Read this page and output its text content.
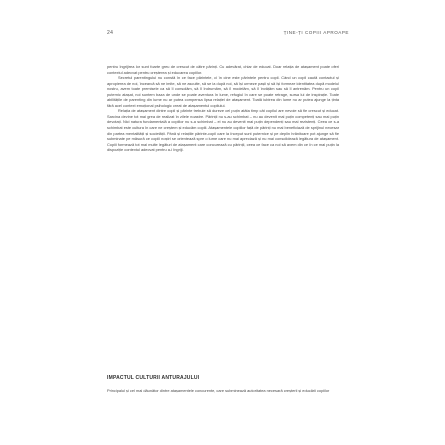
24	ȚINE-ȚI COPIII APROAPE

pentru îngrijirea lor sunt foarte greu de crescut de către părinți. Cu adevărat, chiar de educat. Doar relația de atașament poate oferi contextul adecvat pentru creșterea și educarea copiilor.

Secretul parentingului nu constă în ce face părintele, ci în cine este părintele pentru copil. Când un copil caută contactul și apropierea de noi, încearcă să ne imite, să ne asculte, să se ia după noi, să își urmeze pașii și să își formeze identitatea după modelul nostru, avem toate premisele ca să îl consolăm, să îl îndrumăm, să îl modelăm, să îl învățăm sau să îl antrenăm. Pentru un copil puternic atașat, noi suntem baza de unde se poate aventura în lume, refugiul în care se poate retrage, sursa lui de inspirație. Toate abilitățile de parenting din lume nu ar putea compensa lipsa relației de atașament. Toată iubirea din lume nu ar putea ajunge la ținta fără acel context emoțional psihologic creat de atașamentul copilului.

Relația de atașament dintre copil și părinte trebuie să dureze cel puțin atâta timp cât copilul are nevoie să fie crescut și educat. Sarcina devine tot mai grea de realizat în zilele noastre. Părinții nu s-au schimbat – nu au devenit mai puțin competenți sau mai puțin devotați. Nici natura fundamentală a copiilor nu s-a schimbat – ei nu au devenit mai puțin dependenți sau mai rezistenți. Ceea ce s-a schimbat este cultura în care ne creștem și educăm copiii. Atașamentele copiilor față de părinți nu mai beneficiază de sprijinul necesar din partea mentalității și societății. Până și relațiile părinte-copil care la început sunt puternice și pe deplin hrănitoare pot ajunge să fie subminate pe măsură ce copiii noștri se orientează spre o lume care nu mai apreciază și nu mai consolidează legătura de atașament. Copiii formează tot mai multe legături de atașament care concurează cu părinții, ceea ce face ca noi să avem din ce în ce mai puțin la dispoziție contextul adecvat pentru a-i îngriji.

IMPACTUL CULTURII ANTURAJULUI

Principalul și cel mai dăunător dintre atașamentele concurente, care subminează autoritatea necesară creșterii și educării copiilor
